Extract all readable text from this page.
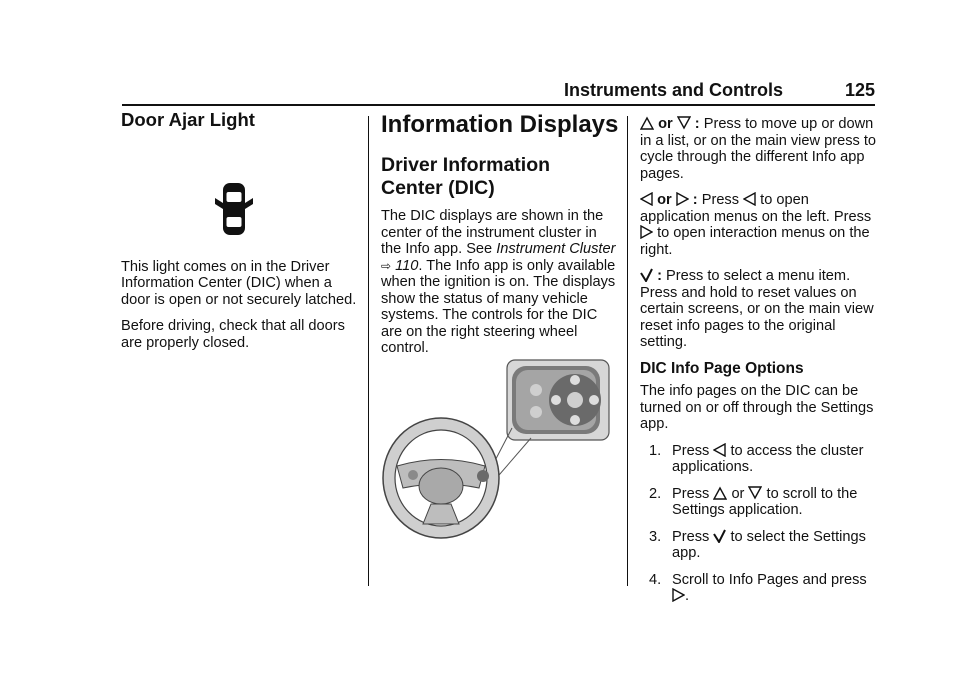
Instruments and Controls	125
Door Ajar Light

This light comes on in the Driver Information Center (DIC) when a door is open or not securely latched.

Before driving, check that all doors are properly closed.

Information Displays
Driver Information
Center (DIC)

The DIC displays are shown in the center of the instrument cluster in the Info app. See Instrument Cluster
⇨ 110. The Info app is only available when the ignition is on. The displays show the status of many vehicle systems. The controls for the DIC are on the right steering wheel control.

or : Press to move up or down in a list, or on the main view press to cycle through the different Info app pages.

or : Press to open application menus on the left. Press  to open interaction menus on the right.

: Press to select a menu item. Press and hold to reset values on certain screens, or on the main view reset info pages to the original setting.

DIC Info Page Options

The info pages on the DIC can be turned on or off through the Settings app.

1. Press to access the cluster applications.
2. Press or to scroll to the Settings application.
3. Press to select the Settings app.
4. Scroll to Info Pages and press .
